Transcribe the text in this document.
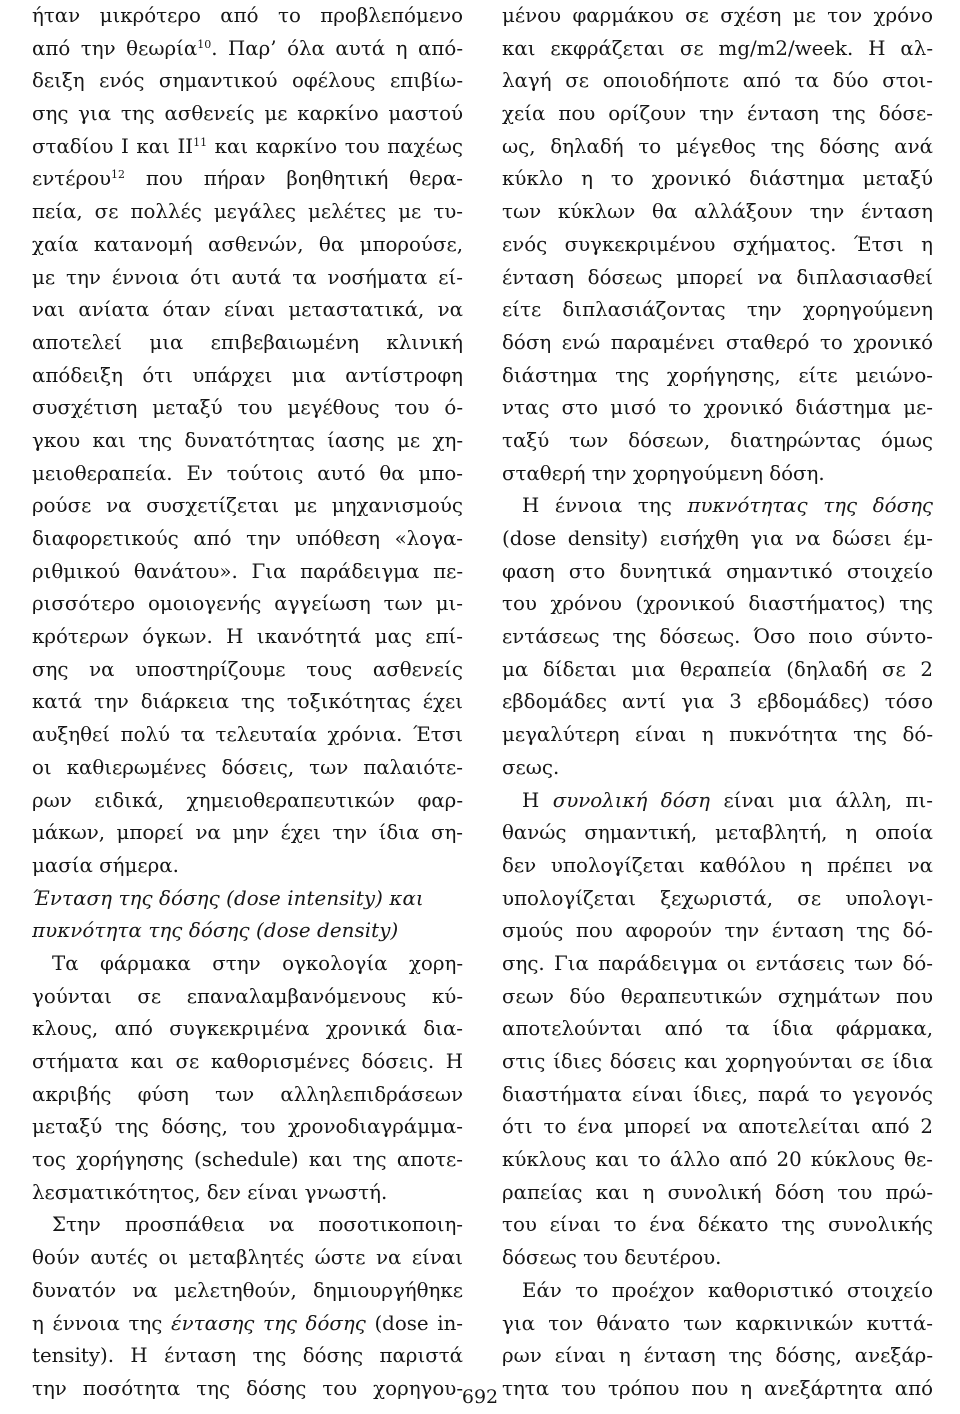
ήταν μικρότερο από το προβλεπόμενο
από την θεωρία$^{10}$. Παρ’ όλα αυτά η από-
δειξη ενός σημαντικού οφέλους επιβίω-
σης για της ασθενείς με καρκίνο μαστού
σταδίου Ι και ΙΙ$^{11}$ και καρκίνο του παχέως
εντέρου$^{12}$ που πήραν βοηθητική θερα-
πεία, σε πολλές μεγάλες μελέτες με τυ-
χαία κατανομή ασθενών, θα μπορούσε,
με την έννοια ότι αυτά τα νοσήματα εί-
ναι ανίατα όταν είναι μεταστατικά, να
αποτελεί μια επιβεβαιωμένη κλινική
απόδειξη ότι υπάρχει μια αντίστροφη
συσχέτιση μεταξύ του μεγέθους του ό-
γκου και της δυνατότητας ίασης με χη-
μειοθεραπεία. Εν τούτοις αυτό θα μπο-
ρούσε να συσχετίζεται με μηχανισμούς
διαφορετικούς από την υπόθεση «λογα-
ριθμικού θανάτου». Για παράδειγμα πε-
ρισσότερο ομοιογενής αγγείωση των μι-
κρότερων όγκων. Η ικανότητά μας επί-
σης να υποστηρίζουμε τους ασθενείς
κατά την διάρκεια της τοξικότητας έχει
αυξηθεί πολύ τα τελευταία χρόνια. Έτσι
οι καθιερωμένες δόσεις, των παλαιότε-
ρων ειδικά, χημειοθεραπευτικών φαρ-
μάκων, μπορεί να μην έχει την ίδια ση-
μασία σήμερα.
Ένταση της δόσης (dose intensity) και
πυκνότητα της δόσης (dose density)
Τα φάρμακα στην ογκολογία χορη-
γούνται σε επαναλαμβανόμενους κύ-
κλους, από συγκεκριμένα χρονικά δια-
στήματα και σε καθορισμένες δόσεις. Η
ακριβής φύση των αλληλεπιδράσεων
μεταξύ της δόσης, του χρονοδιαγράμμα-
τος χορήγησης (schedule) και της αποτε-
λεσματικότητος, δεν είναι γνωστή.
Στην προσπάθεια να ποσοτικοποιη-
θούν αυτές οι μεταβλητές ώστε να είναι
δυνατόν να μελετηθούν, δημιουργήθηκε
η έννοια της έντασης της δόσης (dose in-
tensity). Η ένταση της δόσης παριστά
την ποσότητα της δόσης του χορηγου-
μένου φαρμάκου σε σχέση με τον χρόνο
και εκφράζεται σε mg/m2/week. Η αλ-
λαγή σε οποιοδήποτε από τα δύο στοι-
χεία που ορίζουν την ένταση της δόσε-
ως, δηλαδή το μέγεθος της δόσης ανά
κύκλο η το χρονικό διάστημα μεταξύ
των κύκλων θα αλλάξουν την ένταση
ενός συγκεκριμένου σχήματος. Έτσι η
ένταση δόσεως μπορεί να διπλασιασθεί
είτε διπλασιάζοντας την χορηγούμενη
δόση ενώ παραμένει σταθερό το χρονικό
διάστημα της χορήγησης, είτε μειώνο-
ντας στο μισό το χρονικό διάστημα με-
ταξύ των δόσεων, διατηρώντας όμως
σταθερή την χορηγούμενη δόση.
Η έννοια της πυκνότητας της δόσης
(dose density) εισήχθη για να δώσει έμ-
φαση στο δυνητικά σημαντικό στοιχείο
του χρόνου (χρονικού διαστήματος) της
εντάσεως της δόσεως. Όσο ποιο σύντο-
μα δίδεται μια θεραπεία (δηλαδή σε 2
εβδομάδες αντί για 3 εβδομάδες) τόσο
μεγαλύτερη είναι η πυκνότητα της δό-
σεως.
Η συνολική δόση είναι μια άλλη, πι-
θανώς σημαντική, μεταβλητή, η οποία
δεν υπολογίζεται καθόλου η πρέπει να
υπολογίζεται ξεχωριστά, σε υπολογι-
σμούς που αφορούν την ένταση της δό-
σης. Για παράδειγμα οι εντάσεις των δό-
σεων δύο θεραπευτικών σχημάτων που
αποτελούνται από τα ίδια φάρμακα,
στις ίδιες δόσεις και χορηγούνται σε ίδια
διαστήματα είναι ίδιες, παρά το γεγονός
ότι το ένα μπορεί να αποτελείται από 2
κύκλους και το άλλο από 20 κύκλους θε-
ραπείας και η συνολική δόση του πρώ-
του είναι το ένα δέκατο της συνολικής
δόσεως του δευτέρου.
Εάν το προέχον καθοριστικό στοιχείο
για τον θάνατο των καρκινικών κυττά-
ρων είναι η ένταση της δόσης, ανεξάρ-
τητα του τρόπου που η ανεξάρτητα από
692
